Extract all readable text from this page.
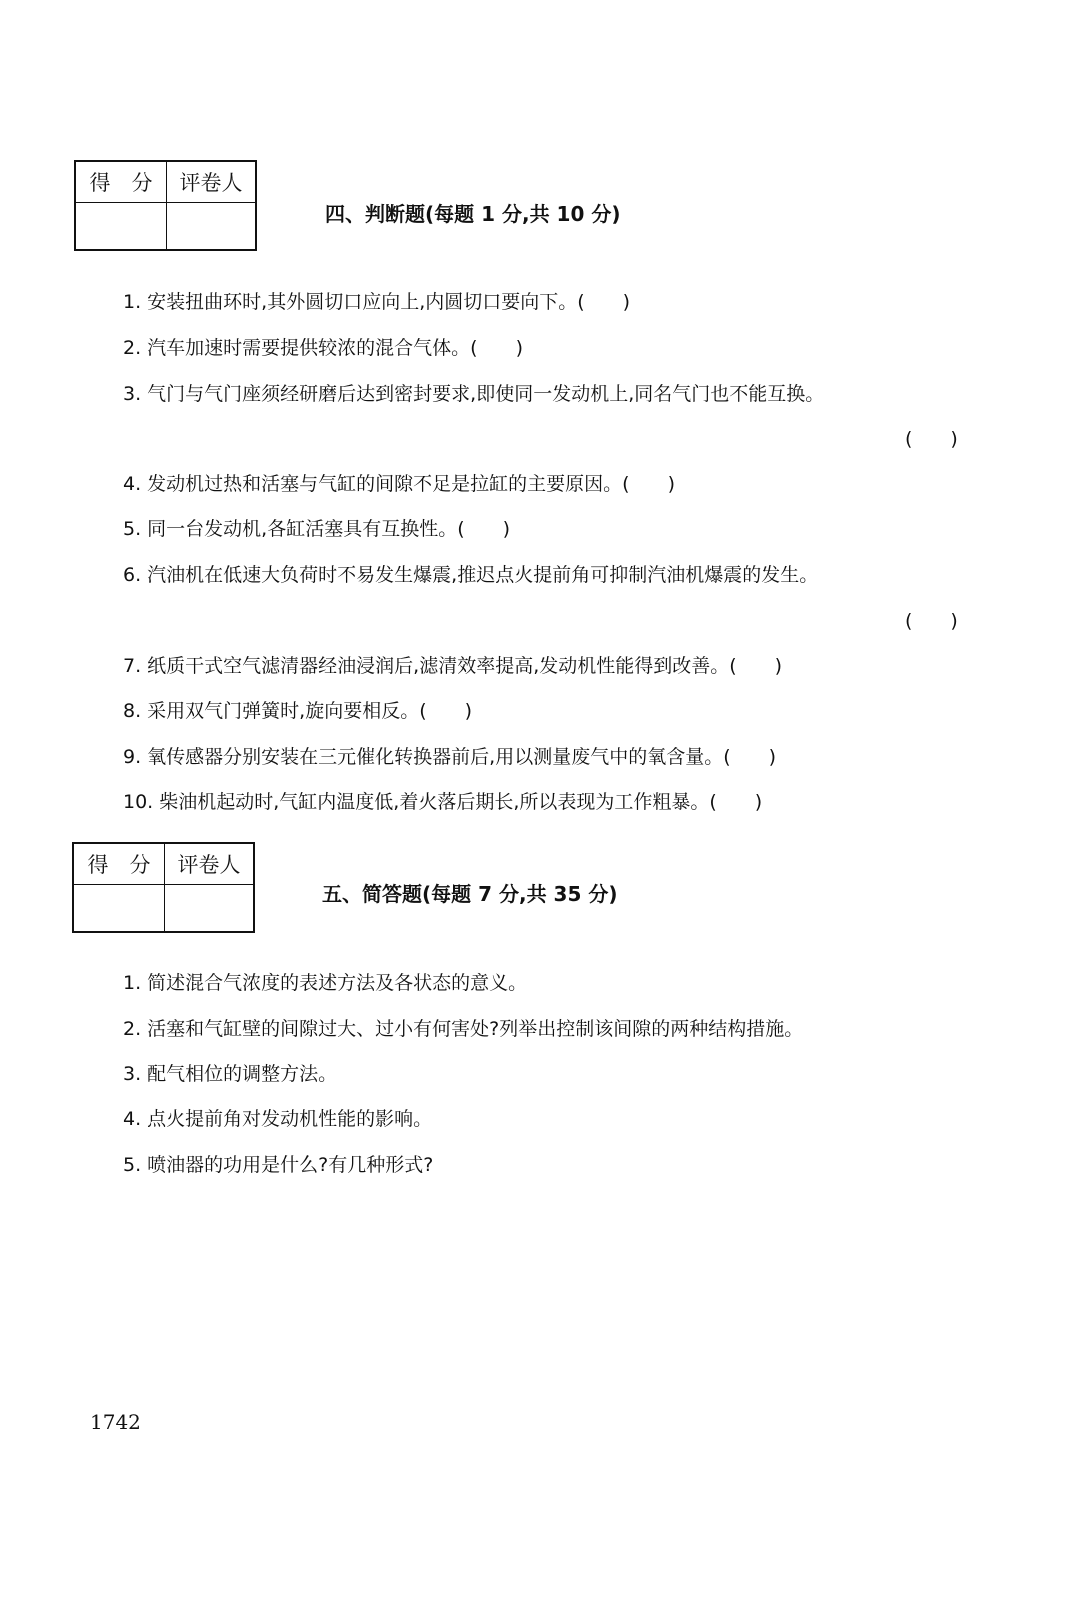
得　分	评卷人

四、判断题(每题 1 分,共 10 分)
1. 安装扭曲环时,其外圆切口应向上,内圆切口要向下。(　　)
2. 汽车加速时需要提供较浓的混合气体。(　　)
3. 气门与气门座须经研磨后达到密封要求,即使同一发动机上,同名气门也不能互换。
(　　)
4. 发动机过热和活塞与气缸的间隙不足是拉缸的主要原因。(　　)
5. 同一台发动机,各缸活塞具有互换性。(　　)
6. 汽油机在低速大负荷时不易发生爆震,推迟点火提前角可抑制汽油机爆震的发生。
(　　)
7. 纸质干式空气滤清器经油浸润后,滤清效率提高,发动机性能得到改善。(　　)
8. 采用双气门弹簧时,旋向要相反。(　　)
9. 氧传感器分别安装在三元催化转换器前后,用以测量废气中的氧含量。(　　)
10. 柴油机起动时,气缸内温度低,着火落后期长,所以表现为工作粗暴。(　　)
得　分	评卷人

五、简答题(每题 7 分,共 35 分)
1. 简述混合气浓度的表述方法及各状态的意义。
2. 活塞和气缸壁的间隙过大、过小有何害处?列举出控制该间隙的两种结构措施。
3. 配气相位的调整方法。
4. 点火提前角对发动机性能的影响。
5. 喷油器的功用是什么?有几种形式?
1742
